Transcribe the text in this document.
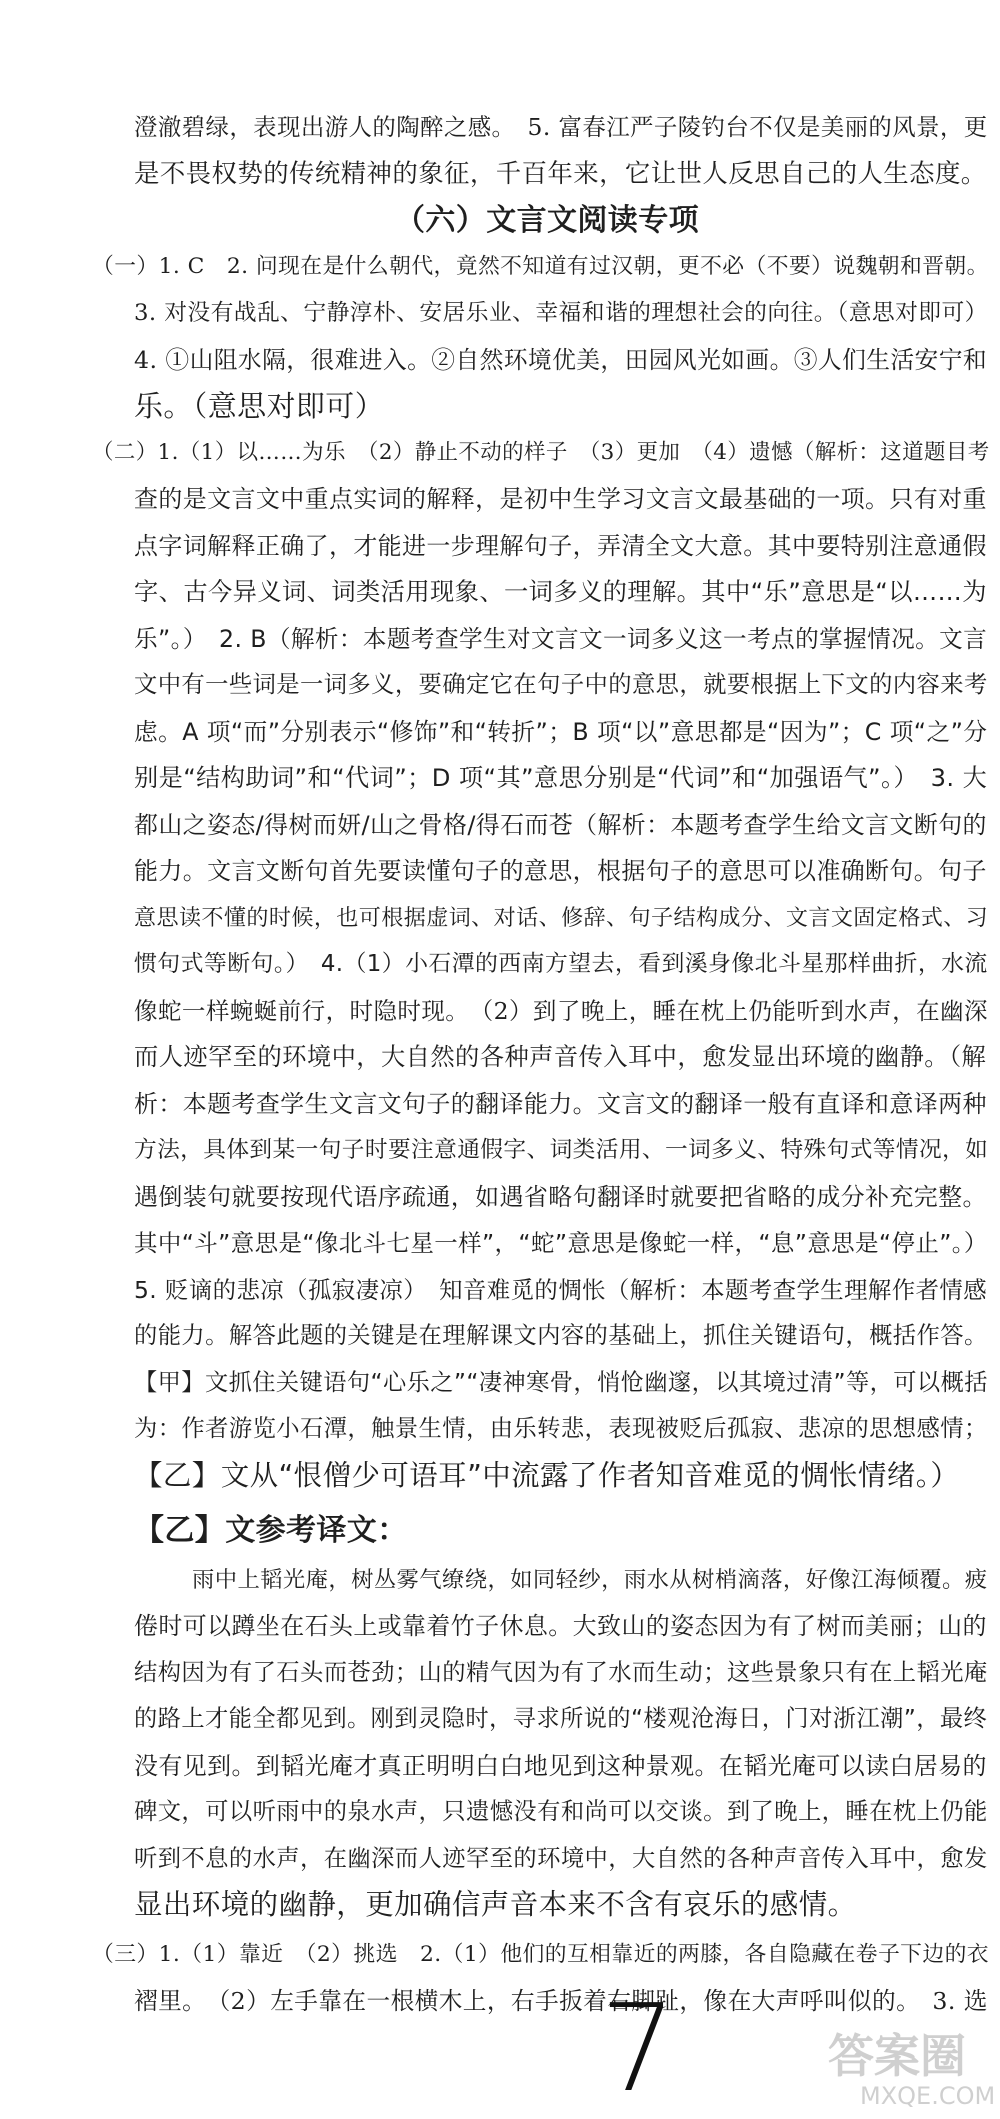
澄澈碧绿，表现出游人的陶醉之感。　5. 富春江严子陵钓台不仅是美丽的风景，更
是不畏权势的传统精神的象征，千百年来，它让世人反思自己的人生态度。
（六）文言文阅读专项
（一）1. C　2. 问现在是什么朝代，竟然不知道有过汉朝，更不必（不要）说魏朝和晋朝。
3. 对没有战乱、宁静淳朴、安居乐业、幸福和谐的理想社会的向往。（意思对即可）
4. ①山阻水隔，很难进入。②自然环境优美，田园风光如画。③人们生活安宁和
乐。（意思对即可）
（二）1.（1）以……为乐　（2）静止不动的样子　（3）更加　（4）遗憾（解析：这道题目考
查的是文言文中重点实词的解释，是初中生学习文言文最基础的一项。只有对重
点字词解释正确了，才能进一步理解句子，弄清全文大意。其中要特别注意通假
字、古今异义词、词类活用现象、一词多义的理解。其中“乐”意思是“以……为
乐”。）　2. B（解析：本题考查学生对文言文一词多义这一考点的掌握情况。文言
文中有一些词是一词多义，要确定它在句子中的意思，就要根据上下文的内容来考
虑。A 项“而”分别表示“修饰”和“转折”；B 项“以”意思都是“因为”；C 项“之”分
别是“结构助词”和“代词”；D 项“其”意思分别是“代词”和“加强语气”。）　3. 大
都山之姿态/得树而妍/山之骨格/得石而苍（解析：本题考查学生给文言文断句的
能力。文言文断句首先要读懂句子的意思，根据句子的意思可以准确断句。句子
意思读不懂的时候，也可根据虚词、对话、修辞、句子结构成分、文言文固定格式、习
惯句式等断句。）　4.（1）小石潭的西南方望去，看到溪身像北斗星那样曲折，水流
像蛇一样蜿蜒前行，时隐时现。　（2）到了晚上，睡在枕上仍能听到水声，在幽深
而人迹罕至的环境中，大自然的各种声音传入耳中，愈发显出环境的幽静。（解
析：本题考查学生文言文句子的翻译能力。文言文的翻译一般有直译和意译两种
方法，具体到某一句子时要注意通假字、词类活用、一词多义、特殊句式等情况，如
遇倒装句就要按现代语序疏通，如遇省略句翻译时就要把省略的成分补充完整。
其中“斗”意思是“像北斗七星一样”，“蛇”意思是像蛇一样，“息”意思是“停止”。）
5. 贬谪的悲凉（孤寂凄凉）　知音难觅的惆怅（解析：本题考查学生理解作者情感
的能力。解答此题的关键是在理解课文内容的基础上，抓住关键语句，概括作答。
【甲】文抓住关键语句“心乐之”“凄神寒骨，悄怆幽邃，以其境过清”等，可以概括
为：作者游览小石潭，触景生情，由乐转悲，表现被贬后孤寂、悲凉的思想感情；
【乙】文从“恨僧少可语耳”中流露了作者知音难觅的惆怅情绪。）
【乙】文参考译文：
雨中上韬光庵，树丛雾气缭绕，如同轻纱，雨水从树梢滴落，好像江海倾覆。疲
倦时可以蹲坐在石头上或靠着竹子休息。大致山的姿态因为有了树而美丽；山的
结构因为有了石头而苍劲；山的精气因为有了水而生动；这些景象只有在上韬光庵
的路上才能全都见到。刚到灵隐时，寻求所说的“楼观沧海日，门对浙江潮”，最终
没有见到。到韬光庵才真正明明白白地见到这种景观。在韬光庵可以读白居易的
碑文，可以听雨中的泉水声，只遗憾没有和尚可以交谈。到了晚上，睡在枕上仍能
听到不息的水声，在幽深而人迹罕至的环境中，大自然的各种声音传入耳中，愈发
显出环境的幽静，更加确信声音本来不含有哀乐的感情。
（三）1.（1）靠近　（2）挑选　2.（1）他们的互相靠近的两膝，各自隐藏在卷子下边的衣
褶里。　（2）左手靠在一根横木上，右手扳着右脚趾，像在大声呼叫似的。　3. 选
7	答案圈
MXQE.COM
